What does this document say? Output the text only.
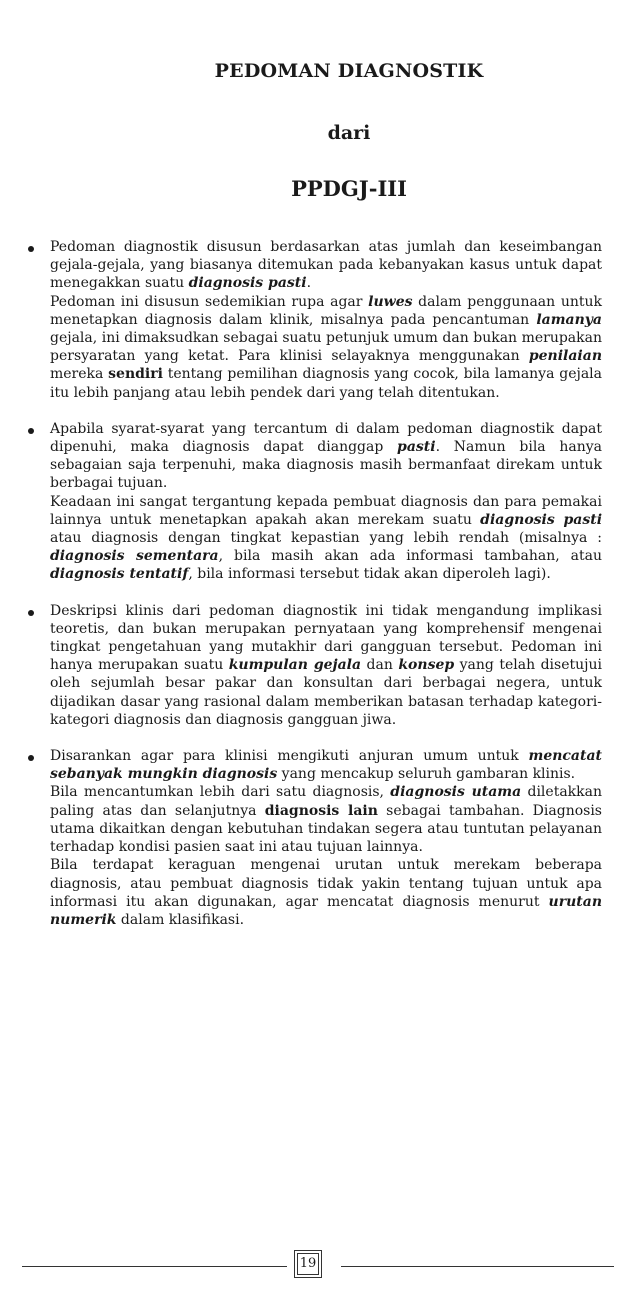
PEDOMAN DIAGNOSTIK

dari

PPDGJ-III

Pedoman diagnostik disusun berdasarkan atas jumlah dan keseimbangan gejala-gejala, yang biasanya ditemukan pada kebanyakan kasus untuk dapat menegakkan suatu diagnosis pasti.

Pedoman ini disusun sedemikian rupa agar luwes dalam penggunaan untuk menetapkan diagnosis dalam klinik, misalnya pada pencantuman lamanya gejala, ini dimaksudkan sebagai suatu petunjuk umum dan bukan merupakan persyaratan yang ketat. Para klinisi selayaknya menggunakan penilaian mereka sendiri tentang pemilihan diagnosis yang cocok, bila lamanya gejala itu lebih panjang atau lebih pendek dari yang telah ditentukan.

Apabila syarat-syarat yang tercantum di dalam pedoman diagnostik dapat dipenuhi, maka diagnosis dapat dianggap pasti. Namun bila hanya sebagaian saja terpenuhi, maka diagnosis masih bermanfaat direkam untuk berbagai tujuan.

Keadaan ini sangat tergantung kepada pembuat diagnosis dan para pemakai lainnya untuk menetapkan apakah akan merekam suatu diagnosis pasti atau diagnosis dengan tingkat kepastian yang lebih rendah (misalnya : diagnosis sementara, bila masih akan ada informasi tambahan, atau diagnosis tentatif, bila informasi tersebut tidak akan diperoleh lagi).

Deskripsi klinis dari pedoman diagnostik ini tidak mengandung implikasi teoretis, dan bukan merupakan pernyataan yang komprehensif mengenai tingkat pengetahuan yang mutakhir dari gangguan tersebut. Pedoman ini hanya merupakan suatu kumpulan gejala dan konsep yang telah disetujui oleh sejumlah besar pakar dan konsultan dari berbagai negera, untuk dijadikan dasar yang rasional dalam memberikan batasan terhadap kategori-kategori diagnosis dan diagnosis gangguan jiwa.

Disarankan agar para klinisi mengikuti anjuran umum untuk mencatat sebanyak mungkin diagnosis yang mencakup seluruh gambaran klinis.

Bila mencantumkan lebih dari satu diagnosis, diagnosis utama diletakkan paling atas dan selanjutnya diagnosis lain sebagai tambahan. Diagnosis utama dikaitkan dengan kebutuhan tindakan segera atau tuntutan pelayanan terhadap kondisi pasien saat ini atau tujuan lainnya.

Bila terdapat keraguan mengenai urutan untuk merekam beberapa diagnosis, atau pembuat diagnosis tidak yakin tentang tujuan untuk apa informasi itu akan digunakan, agar mencatat diagnosis menurut urutan numerik dalam klasifikasi.

19
